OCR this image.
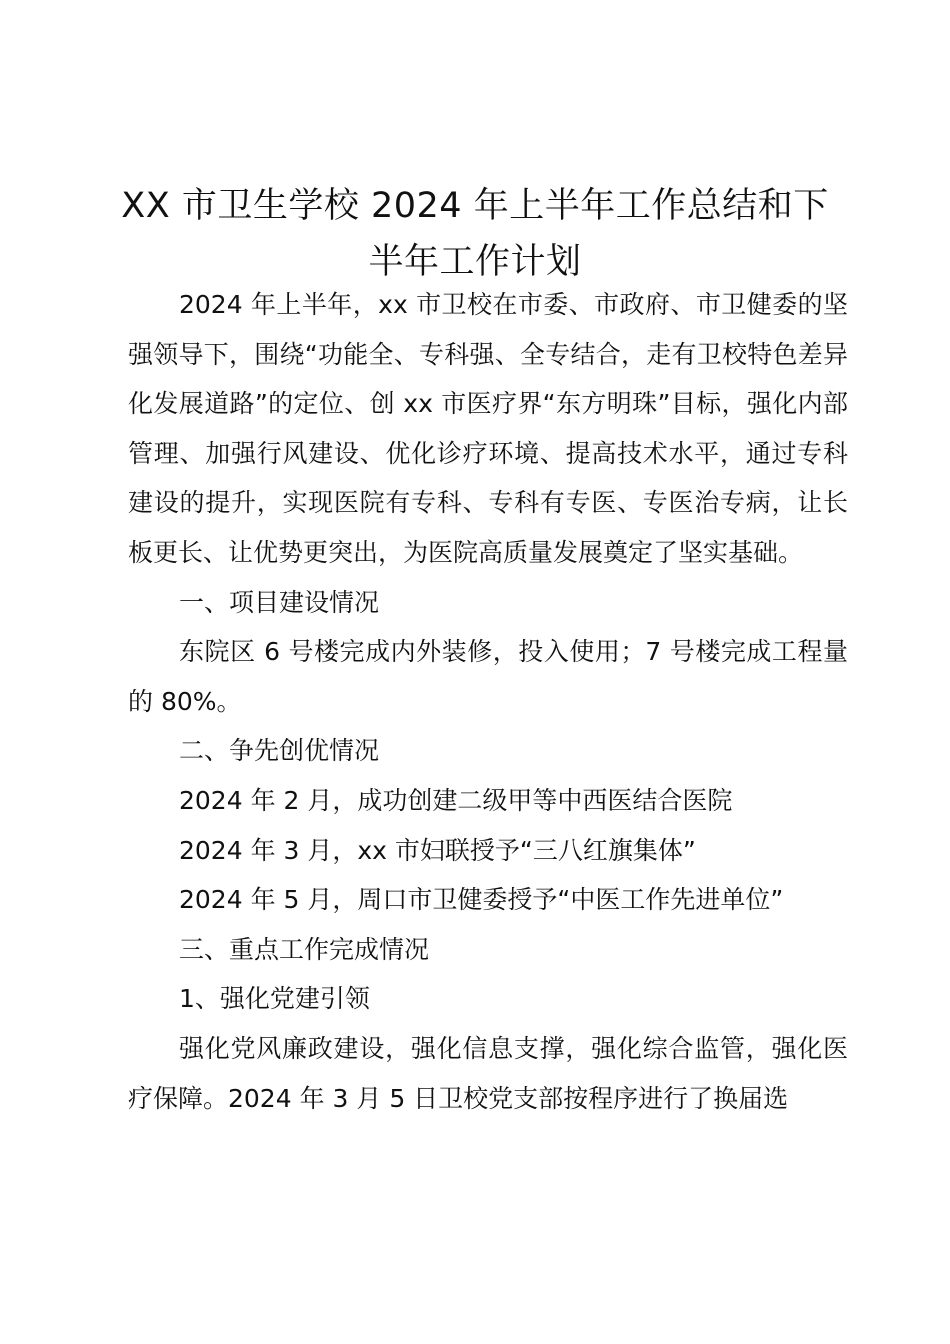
XX 市卫生学校 2024 年上半年工作总结和下
半年工作计划

2024 年上半年，xx 市卫校在市委、市政府、市卫健委的坚强领导下，围绕“功能全、专科强、全专结合，走有卫校特色差异化发展道路”的定位、创 xx 市医疗界“东方明珠”目标，强化内部管理、加强行风建设、优化诊疗环境、提高技术水平，通过专科建设的提升，实现医院有专科、专科有专医、专医治专病，让长板更长、让优势更突出，为医院高质量发展奠定了坚实基础。

一、项目建设情况

东院区 6 号楼完成内外装修，投入使用；7 号楼完成工程量的 80%。

二、争先创优情况

2024 年 2 月，成功创建二级甲等中西医结合医院

2024 年 3 月，xx 市妇联授予“三八红旗集体”

2024 年 5 月，周口市卫健委授予“中医工作先进单位”

三、重点工作完成情况

1、强化党建引领

强化党风廉政建设，强化信息支撑，强化综合监管，强化医疗保障。2024 年 3 月 5 日卫校党支部按程序进行了换届选
